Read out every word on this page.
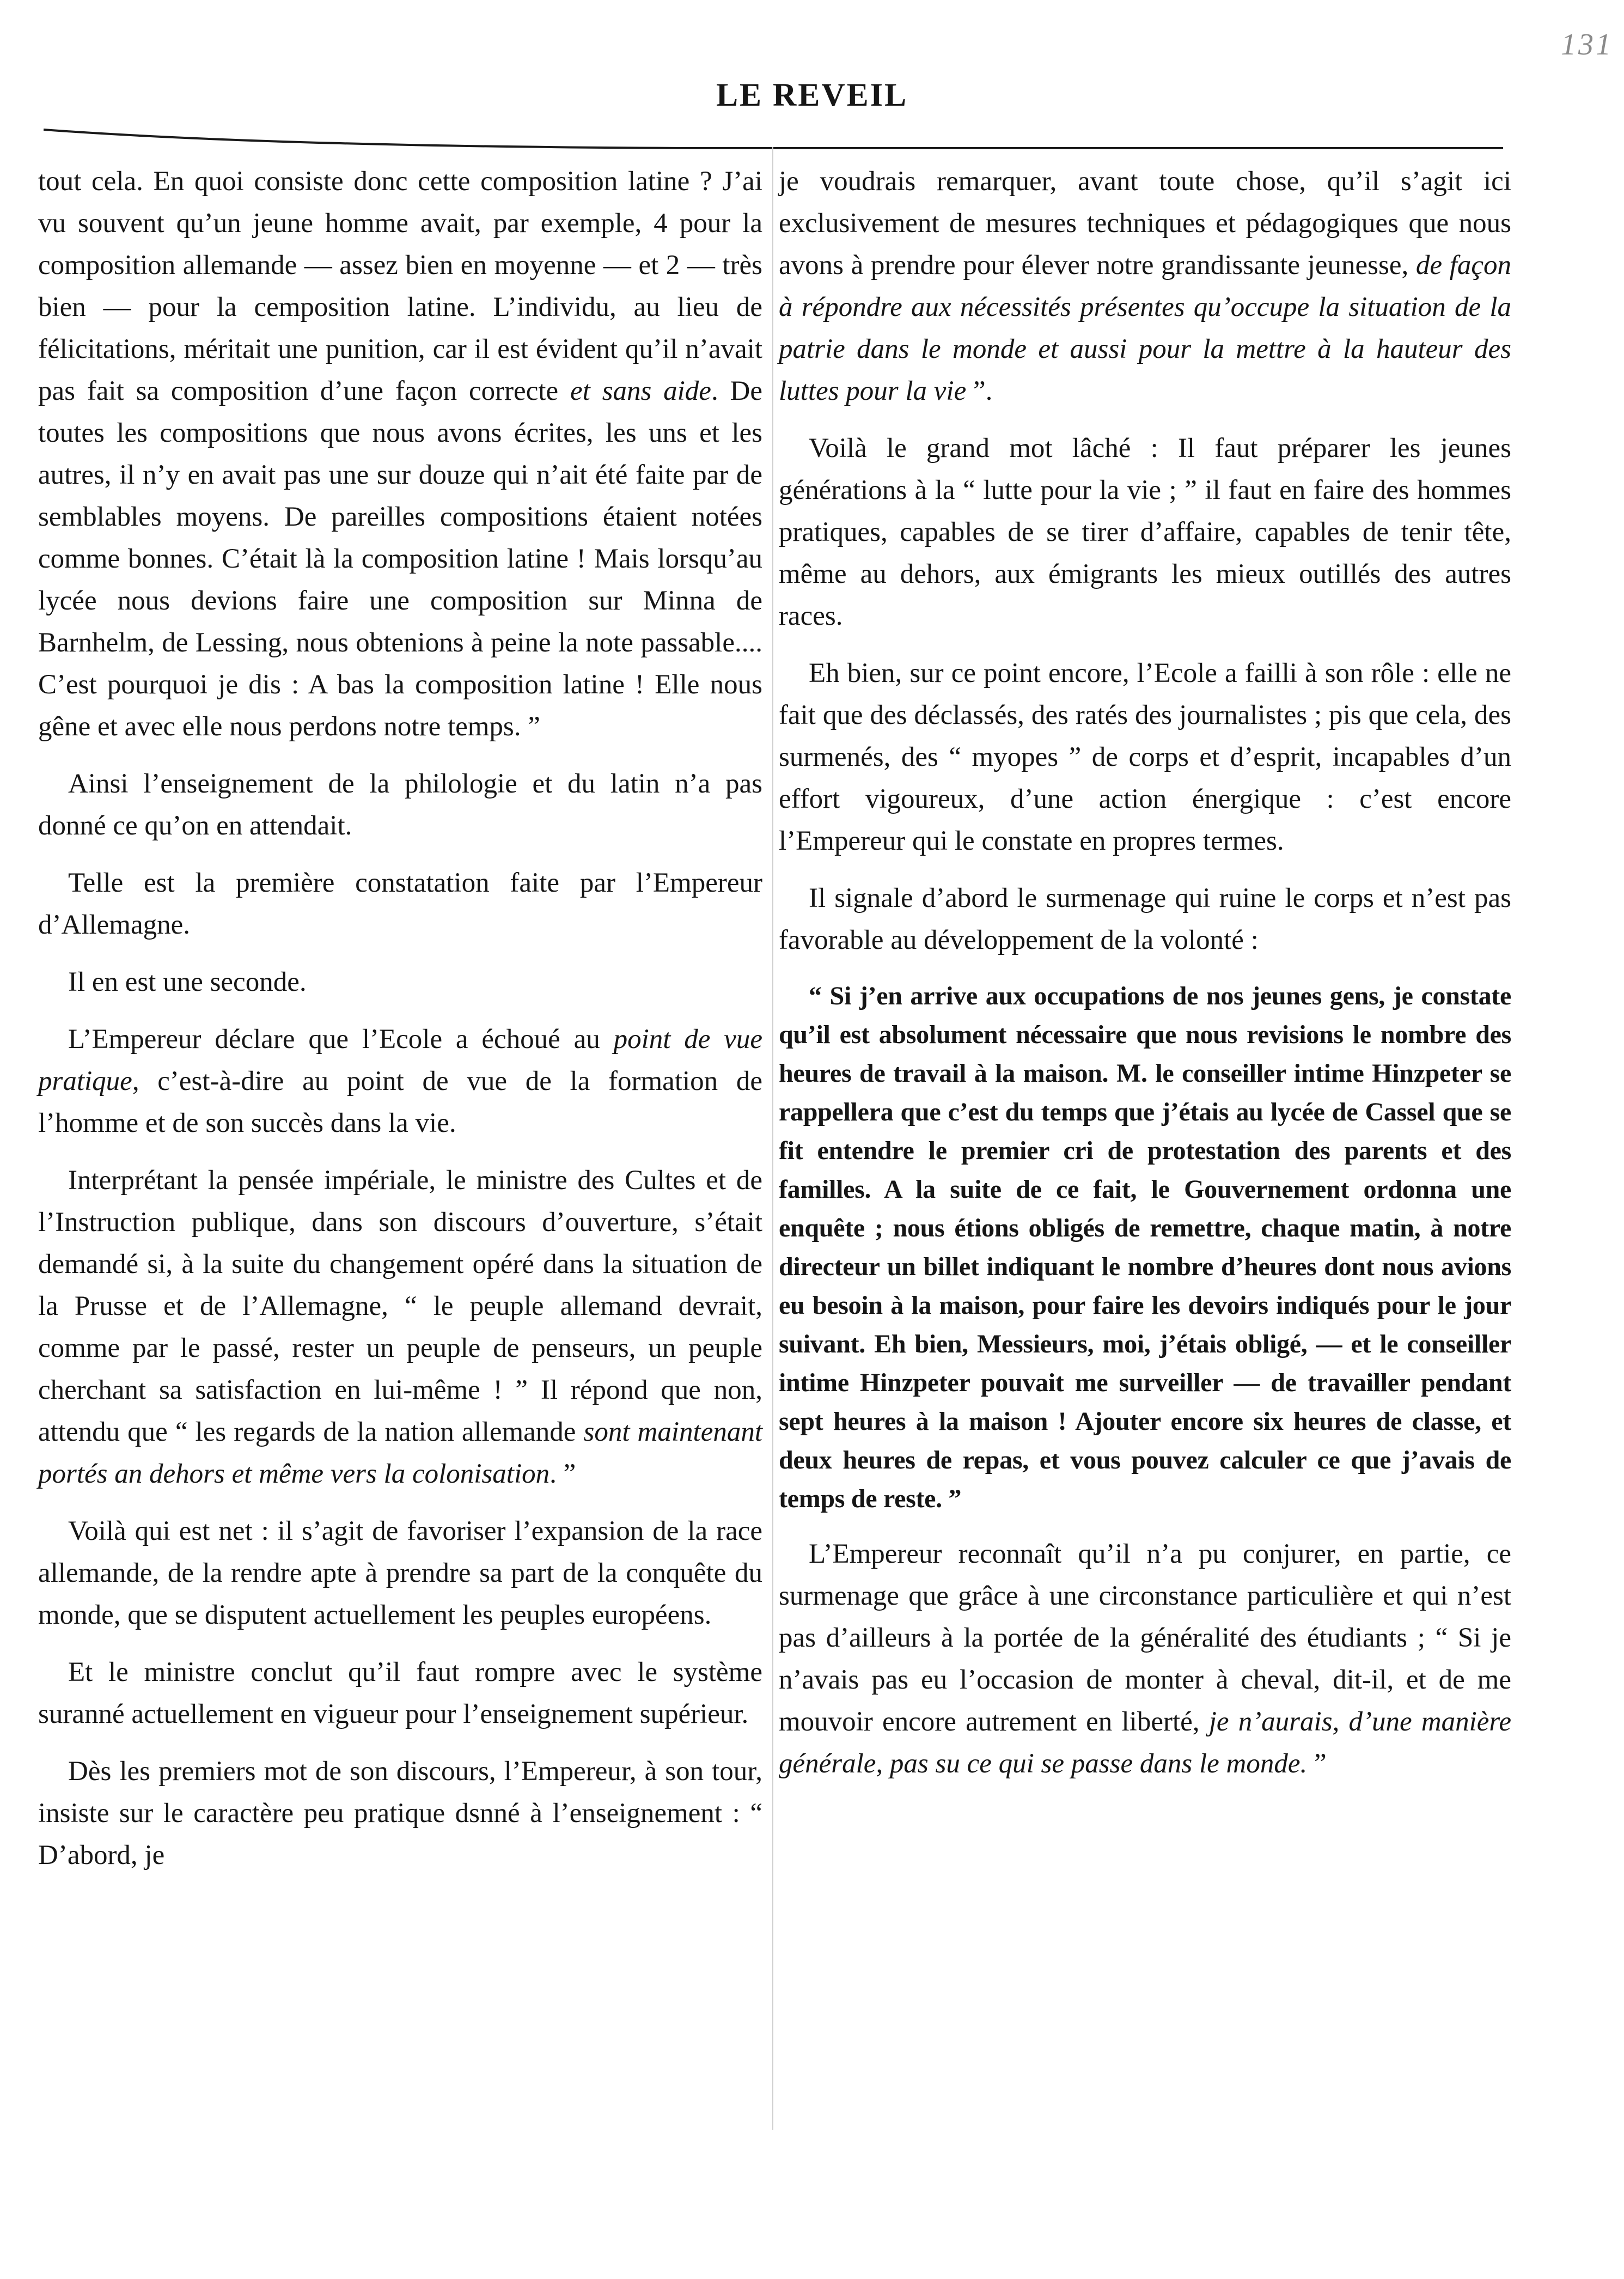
131
LE REVEIL

tout cela. En quoi consiste donc cette composition latine ? J’ai vu souvent qu’un jeune homme avait, par exemple, 4 pour la composition allemande — assez bien en moyenne — et 2 — très bien — pour la cemposition latine. L’individu, au lieu de félicitations, méritait une punition, car il est évident qu’il n’avait pas fait sa composition d’une façon correcte et sans aide. De toutes les compositions que nous avons écrites, les uns et les autres, il n’y en avait pas une sur douze qui n’ait été faite par de semblables moyens. De pareilles compositions étaient notées comme bonnes. C’était là la composition latine ! Mais lorsqu’au lycée nous devions faire une composition sur Minna de Barnhelm, de Lessing, nous obtenions à peine la note passable.... C’est pourquoi je dis : A bas la composition latine ! Elle nous gêne et avec elle nous perdons notre temps. ”

Ainsi l’enseignement de la philologie et du latin n’a pas donné ce qu’on en attendait.

Telle est la première constatation faite par l’Empereur d’Allemagne.

Il en est une seconde.

L’Empereur déclare que l’Ecole a échoué au point de vue pratique, c’est-à-dire au point de vue de la formation de l’homme et de son succès dans la vie.

Interprétant la pensée impériale, le ministre des Cultes et de l’Instruction publique, dans son discours d’ouverture, s’était demandé si, à la suite du changement opéré dans la situation de la Prusse et de l’Allemagne, “ le peuple allemand devrait, comme par le passé, rester un peuple de penseurs, un peuple cherchant sa satisfaction en lui-même ! ” Il répond que non, attendu que “ les regards de la nation allemande sont maintenant portés an dehors et même vers la colonisation. ”

Voilà qui est net : il s’agit de favoriser l’expansion de la race allemande, de la rendre apte à prendre sa part de la conquête du monde, que se disputent actuellement les peuples européens.

Et le ministre conclut qu’il faut rompre avec le système suranné actuellement en vigueur pour l’enseignement supérieur.

Dès les premiers mot de son discours, l’Empereur, à son tour, insiste sur le caractère peu pratique dsnné à l’enseignement : “ D’abord, je

je voudrais remarquer, avant toute chose, qu’il s’agit ici exclusivement de mesures techniques et pédagogiques que nous avons à prendre pour élever notre grandissante jeunesse, de façon à répondre aux nécessités présentes qu’occupe la situation de la patrie dans le monde et aussi pour la mettre à la hauteur des luttes pour la vie ”.

Voilà le grand mot lâché : Il faut préparer les jeunes générations à la “ lutte pour la vie ; ” il faut en faire des hommes pratiques, capables de se tirer d’affaire, capables de tenir tête, même au dehors, aux émigrants les mieux outillés des autres races.

Eh bien, sur ce point encore, l’Ecole a failli à son rôle : elle ne fait que des déclassés, des ratés des journalistes ; pis que cela, des surmenés, des “ myopes ” de corps et d’esprit, incapables d’un effort vigoureux, d’une action énergique : c’est encore l’Empereur qui le constate en propres termes.

Il signale d’abord le surmenage qui ruine le corps et n’est pas favorable au développement de la volonté :

“ Si j’en arrive aux occupations de nos jeunes gens, je constate qu’il est absolument nécessaire que nous revisions le nombre des heures de travail à la maison. M. le conseiller intime Hinzpeter se rappellera que c’est du temps que j’étais au lycée de Cassel que se fit entendre le premier cri de protestation des parents et des familles. A la suite de ce fait, le Gouvernement ordonna une enquête ; nous étions obligés de remettre, chaque matin, à notre directeur un billet indiquant le nombre d’heures dont nous avions eu besoin à la maison, pour faire les devoirs indiqués pour le jour suivant. Eh bien, Messieurs, moi, j’étais obligé, — et le conseiller intime Hinzpeter pouvait me surveiller — de travailler pendant sept heures à la maison ! Ajouter encore six heures de classe, et deux heures de repas, et vous pouvez calculer ce que j’avais de temps de reste. ”

L’Empereur reconnaît qu’il n’a pu conjurer, en partie, ce surmenage que grâce à une circonstance particulière et qui n’est pas d’ailleurs à la portée de la généralité des étudiants ; “ Si je n’avais pas eu l’occasion de monter à cheval, dit-il, et de me mouvoir encore autrement en liberté, je n’aurais, d’une manière générale, pas su ce qui se passe dans le monde. ”
